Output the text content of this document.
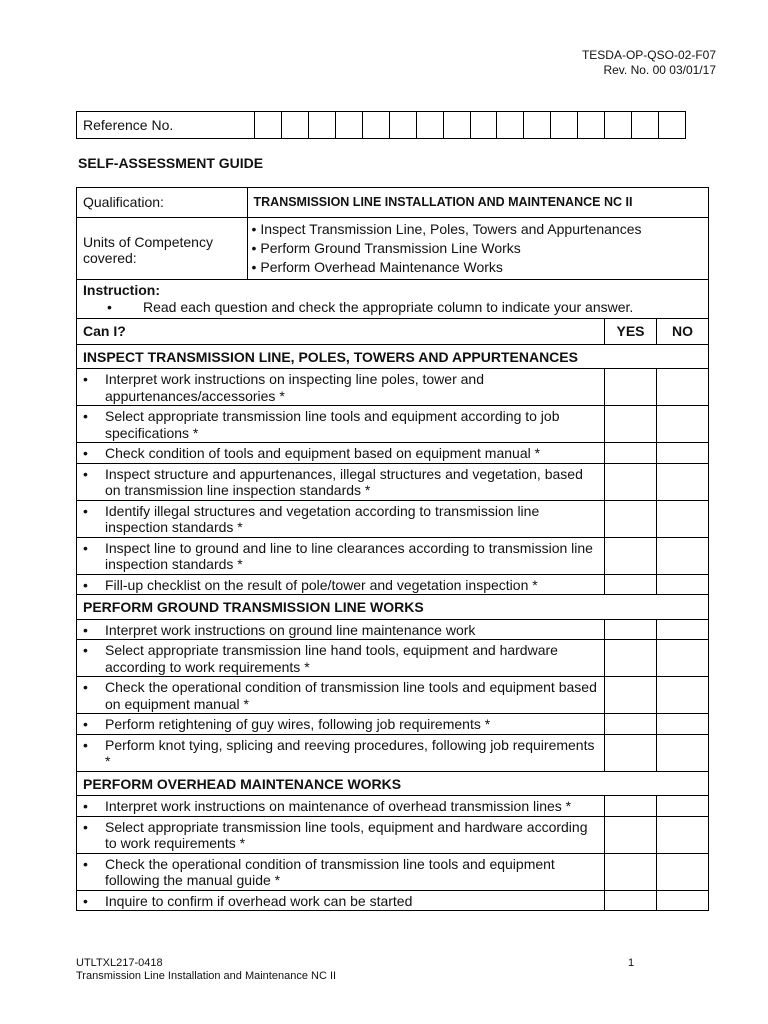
TESDA-OP-QSO-02-F07
Rev. No. 00 03/01/17
Reference No.																
SELF-ASSESSMENT GUIDE
Qualification:	TRANSMISSION LINE INSTALLATION AND MAINTENANCE NC II

Units of Competency covered:	
• Inspect Transmission Line, Poles, Towers and Appurtenances
• Perform Ground Transmission Line Works
• Perform Overhead Maintenance Works

Instruction:
• Read each question and check the appropriate column to indicate your answer.

Can I?	YES	NO
INSPECT TRANSMISSION LINE, POLES, TOWERS AND APPURTENANCES

•	Interpret work instructions on inspecting line poles, tower and appurtenances/accessories *

•	Select appropriate transmission line tools and equipment according to job specifications *

•	Check condition of tools and equipment based on equipment manual *

•	Inspect structure and appurtenances, illegal structures and vegetation, based on transmission line inspection standards *

•	Identify illegal structures and vegetation according to transmission line inspection standards *

•	Inspect line to ground and line to line clearances according to transmission line inspection standards *

•	Fill-up checklist on the result of pole/tower and vegetation inspection *

PERFORM GROUND TRANSMISSION LINE WORKS

•	Interpret work instructions on ground line maintenance work

•	Select appropriate transmission line hand tools, equipment and hardware according to work requirements *

•	Check the operational condition of transmission line tools and equipment based on equipment manual *

•	Perform retightening of guy wires, following job requirements *

•	Perform knot tying, splicing and reeving procedures, following job requirements *

PERFORM OVERHEAD MAINTENANCE WORKS

•	Interpret work instructions on maintenance of overhead transmission lines *

•	Select appropriate transmission line tools, equipment and hardware according to work requirements *

•	Check the operational condition of transmission line tools and equipment following the manual guide *

•	Inquire to confirm if overhead work can be started

UTLTXL217-0418
Transmission Line Installation and Maintenance NC II
1
